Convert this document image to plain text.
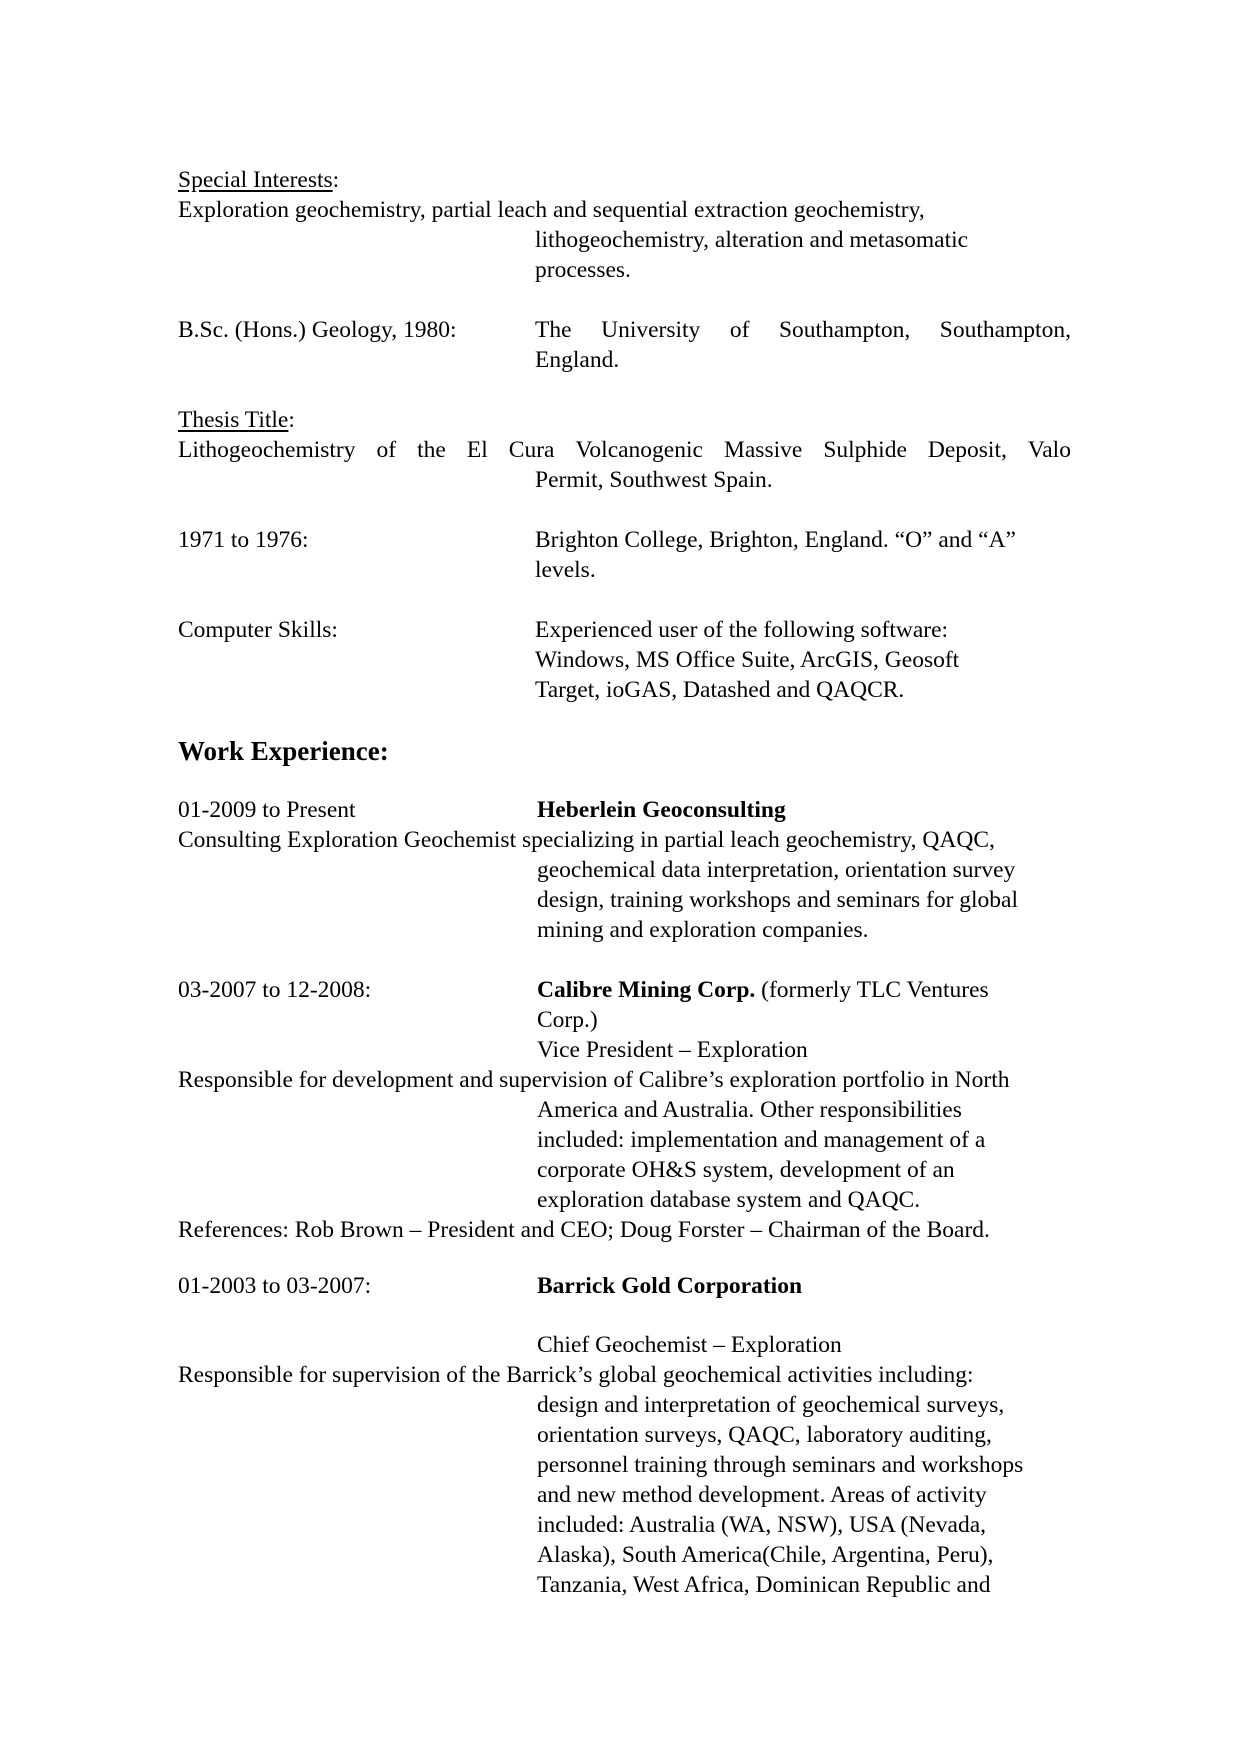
Special Interests:
Exploration geochemistry, partial leach and sequential extraction geochemistry,
lithogeochemistry, alteration and metasomatic
processes.
B.Sc. (Hons.) Geology, 1980:	The University of Southampton, Southampton,
England.
Thesis Title:
Lithogeochemistry of the El Cura Volcanogenic Massive Sulphide Deposit, Valo
Permit, Southwest Spain.
1971 to 1976:	Brighton College, Brighton, England. “O” and “A”
levels.
Computer Skills:	Experienced user of the following software:
Windows, MS Office Suite, ArcGIS, Geosoft
Target, ioGAS, Datashed and QAQCR.
Work Experience:
01-2009 to Present	Heberlein Geoconsulting
Consulting Exploration Geochemist specializing in partial leach geochemistry, QAQC,
geochemical data interpretation, orientation survey
design, training workshops and seminars for global
mining and exploration companies.
03-2007 to 12-2008:	Calibre Mining Corp. (formerly TLC Ventures
Corp.)
Vice President – Exploration
Responsible for development and supervision of Calibre’s exploration portfolio in North
America and Australia. Other responsibilities
included: implementation and management of a
corporate OH&S system, development of an
exploration database system and QAQC.
References: Rob Brown – President and CEO; Doug Forster – Chairman of the Board.
01-2003 to 03-2007:	Barrick Gold Corporation
Chief Geochemist – Exploration
Responsible for supervision of the Barrick’s global geochemical activities including:
design and interpretation of geochemical surveys,
orientation surveys, QAQC, laboratory auditing,
personnel training through seminars and workshops
and new method development. Areas of activity
included: Australia (WA, NSW), USA (Nevada,
Alaska), South America(Chile, Argentina, Peru),
Tanzania, West Africa, Dominican Republic and
